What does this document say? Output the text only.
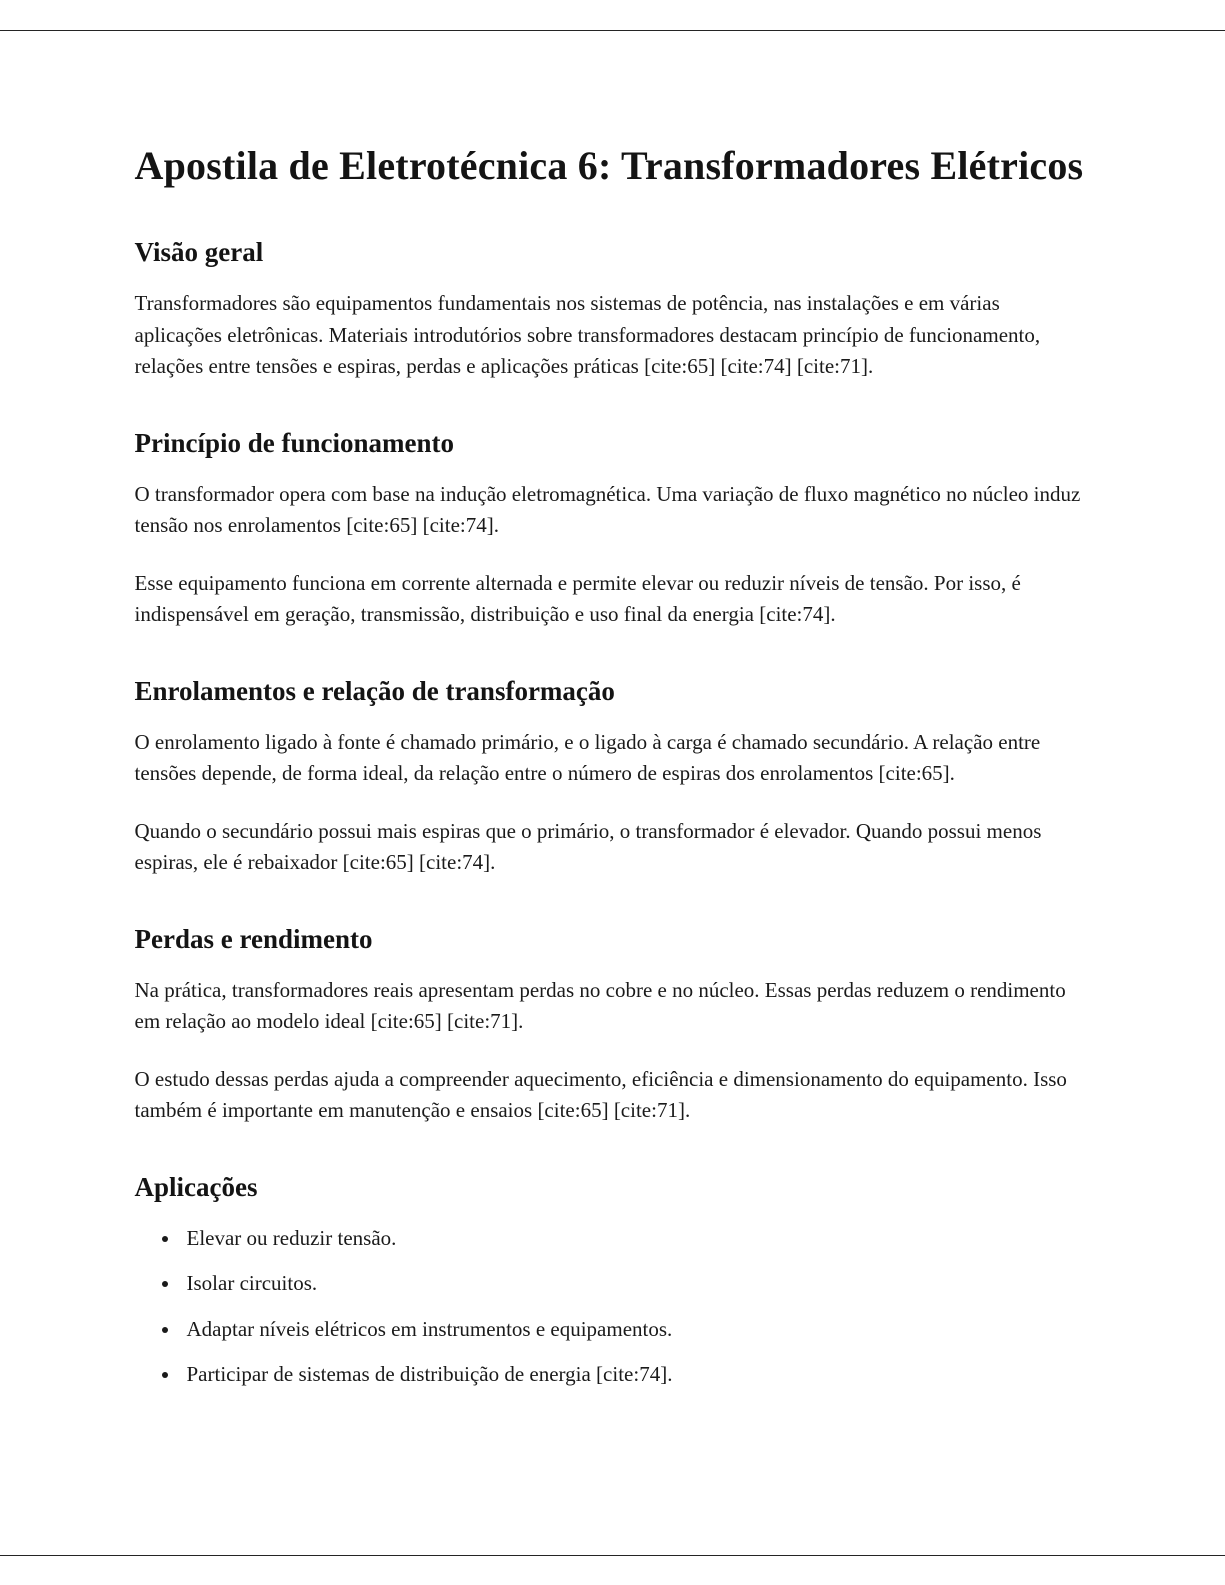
Apostila de Eletrotécnica 6: Transformadores Elétricos
Visão geral

Transformadores são equipamentos fundamentais nos sistemas de potência, nas instalações e em várias aplicações eletrônicas. Materiais introdutórios sobre transformadores destacam princípio de funcionamento, relações entre tensões e espiras, perdas e aplicações práticas [cite:65] [cite:74] [cite:71].

Princípio de funcionamento

O transformador opera com base na indução eletromagnética. Uma variação de fluxo magnético no núcleo induz tensão nos enrolamentos [cite:65] [cite:74].

Esse equipamento funciona em corrente alternada e permite elevar ou reduzir níveis de tensão. Por isso, é indispensável em geração, transmissão, distribuição e uso final da energia [cite:74].

Enrolamentos e relação de transformação

O enrolamento ligado à fonte é chamado primário, e o ligado à carga é chamado secundário. A relação entre tensões depende, de forma ideal, da relação entre o número de espiras dos enrolamentos [cite:65].

Quando o secundário possui mais espiras que o primário, o transformador é elevador. Quando possui menos espiras, ele é rebaixador [cite:65] [cite:74].

Perdas e rendimento

Na prática, transformadores reais apresentam perdas no cobre e no núcleo. Essas perdas reduzem o rendimento em relação ao modelo ideal [cite:65] [cite:71].

O estudo dessas perdas ajuda a compreender aquecimento, eficiência e dimensionamento do equipamento. Isso também é importante em manutenção e ensaios [cite:65] [cite:71].

Aplicações
• Elevar ou reduzir tensão.
• Isolar circuitos.
• Adaptar níveis elétricos em instrumentos e equipamentos.
• Participar de sistemas de distribuição de energia [cite:74].
